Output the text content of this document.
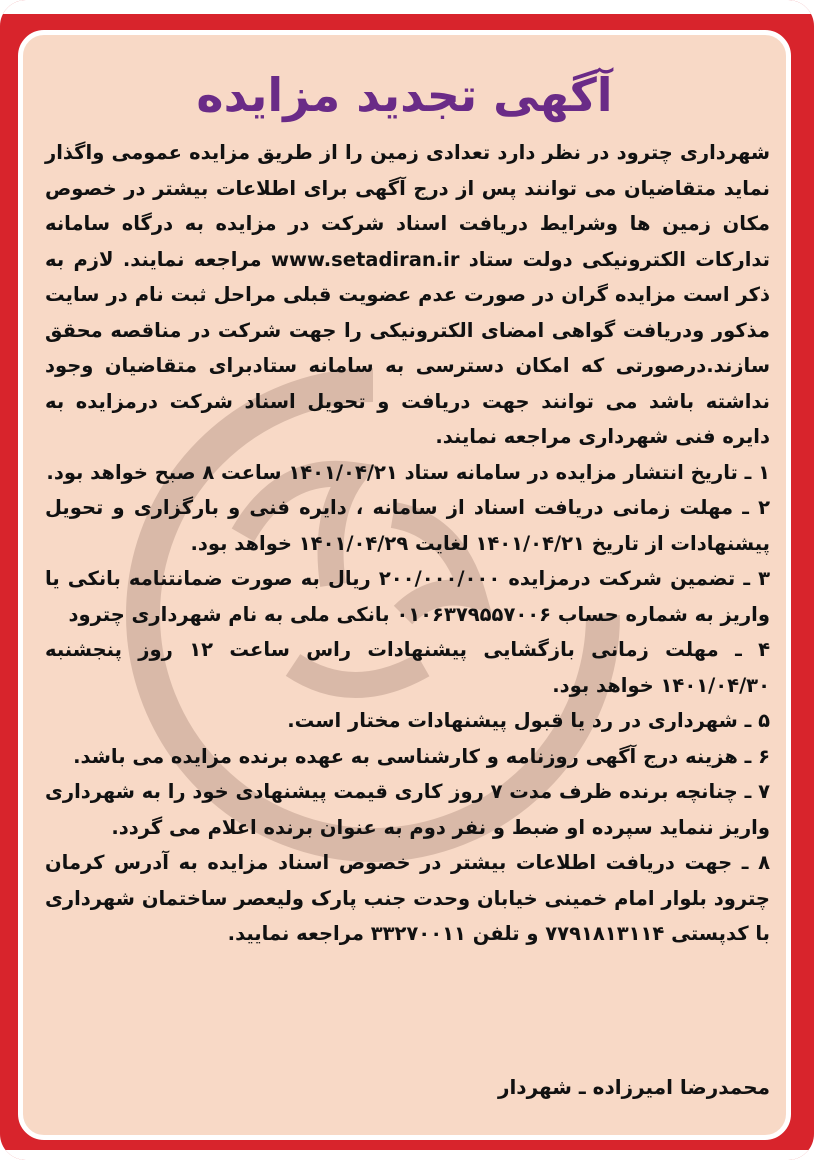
آگهی تجدید مزایده

شهرداری چترود در نظر دارد تعدادی زمین را از طریق مزایده عمومی واگذار نماید متقاضیان می توانند پس از درج آگهی برای اطلاعات بیشتر در خصوص مکان زمین ها وشرایط دریافت اسناد شرکت در مزایده به درگاه سامانه تدارکات الکترونیکی دولت ستاد www.setadiran.ir مراجعه نمایند. لازم به ذکر است مزایده گران در صورت عدم عضویت قبلی مراحل ثبت نام در سایت مذکور ودریافت گواهی امضای الکترونیکی را جهت شرکت در مناقصه محقق سازند.درصورتی که امکان دسترسی به سامانه ستادبرای متقاضیان وجود نداشته باشد می توانند جهت دریافت و تحویل اسناد شرکت درمزایده به دایره فنی شهرداری مراجعه نمایند.

۱ ـ تاریخ انتشار مزایده در سامانه ستاد ۱۴۰۱/۰۴/۲۱ ساعت ۸ صبح خواهد بود.

۲ ـ مهلت زمانی دریافت اسناد از سامانه ، دایره فنی و بارگزاری و تحویل پیشنهادات از تاریخ ۱۴۰۱/۰۴/۲۱ لغایت ۱۴۰۱/۰۴/۲۹ خواهد بود.

۳ ـ تضمین شرکت درمزایده ۲۰۰/۰۰۰/۰۰۰ ریال به صورت ضمانتنامه بانکی یا واریز به شماره حساب ۰۱۰۶۳۷۹۵۵۷۰۰۶ بانکی ملی به نام شهرداری چترود

۴ ـ مهلت زمانی بازگشایی پیشنهادات راس ساعت ۱۲ روز پنجشنبه ۱۴۰۱/۰۴/۳۰ خواهد بود.

۵ ـ شهرداری در رد یا قبول پیشنهادات مختار است.

۶ ـ هزینه درج آگهی روزنامه و کارشناسی به عهده برنده مزایده می باشد.

۷ ـ چنانچه برنده ظرف مدت ۷ روز کاری قیمت پیشنهادی خود را به شهرداری واریز ننماید سپرده او ضبط و نفر دوم به عنوان برنده اعلام می گردد.

۸ ـ جهت دریافت اطلاعات بیشتر در خصوص اسناد مزایده به آدرس کرمان چترود بلوار امام خمینی خیابان وحدت جنب پارک ولیعصر ساختمان شهرداری با کدپستی ۷۷۹۱۸۱۳۱۱۴ و تلفن ۳۳۲۷۰۰۱۱ مراجعه نمایید.

محمدرضا امیرزاده ـ شهردار
